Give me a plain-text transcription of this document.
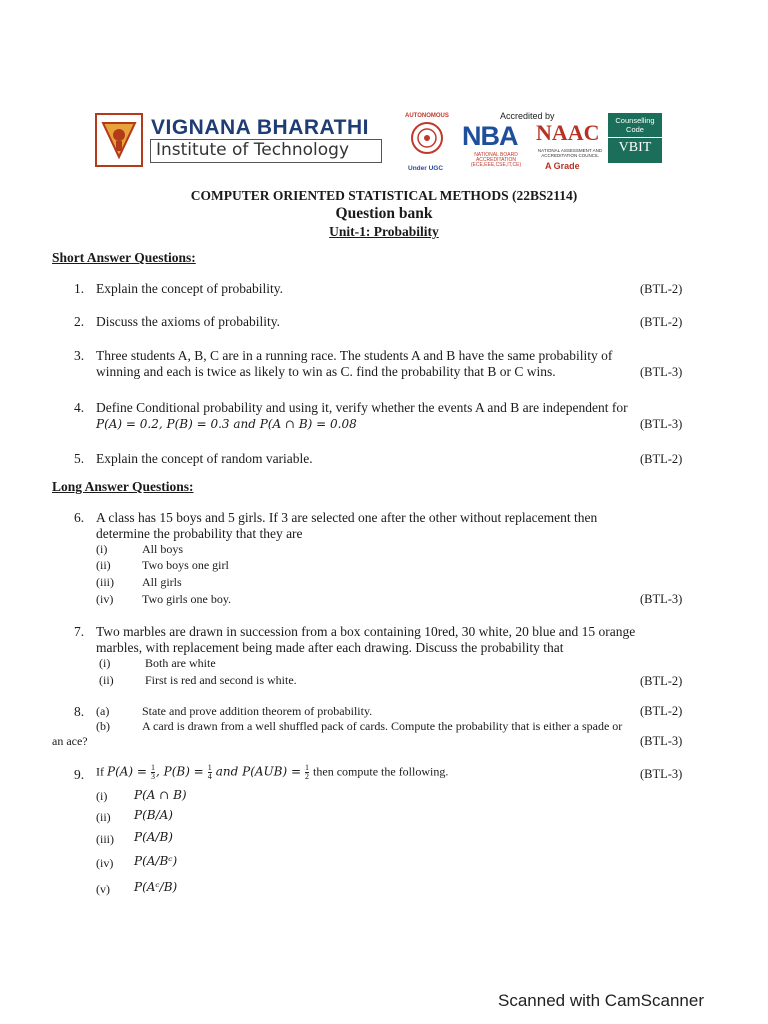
VIGNANA BHARATHI
Institute of Technology
AUTONOMOUS
Under UGC
Accredited by
NBA
NATIONAL BOARD ACCREDITATION (ECE,EEE,CSE,IT,CE)
NAAC
NATIONAL ASSESSMENT AND ACCREDITATION COUNCIL
A Grade
Counselling Code
VBIT
COMPUTER ORIENTED STATISTICAL METHODS (22BS2114)
Question bank
Unit-1: Probability
Short Answer Questions:
1. Explain the concept of probability.	(BTL-2)
2. Discuss the axioms of probability.	(BTL-2)
3. Three students A, B, C are in a running race. The students A and B have the same probability of
winning and each is twice as likely to win as C. find the probability that B or C wins.	(BTL-3)
4. Define Conditional probability and using it, verify whether the events A and B are independent for
P(A) = 0.2, P(B) = 0.3 and P(A ∩ B) = 0.08	(BTL-3)
5. Explain the concept of random variable.	(BTL-2)
Long Answer Questions:
6. A class has 15 boys and 5 girls. If 3 are selected one after the other without replacement then
determine the probability that they are
(i)	All boys
(ii)	Two boys one girl
(iii) All girls
(iv) Two girls one boy.	(BTL-3)
7. Two marbles are drawn in succession from a box containing 10red, 30 white, 20 blue and 15 orange
marbles, with replacement being made after each drawing. Discuss the probability that
(i)	Both are white
(ii)	First is red and second is white.	(BTL-2)
8. (a)	State and prove addition theorem of probability.	(BTL-2)
(b)	A card is drawn from a well shuffled pack of cards. Compute the probability that is either a spade or
an ace?	(BTL-3)
9. If $P(A) = \frac{1}{3}$ , $P(B) = \frac{1}{4}$ and $P(AUB) = \frac{1}{2}$ then compute the following.	(BTL-3)
(i) P(A ∩ B)
(ii) P(B/A)
(iii) P(A/B)
(iv) P(A/Bᶜ)
(v) P(Aᶜ/B)
Scanned with CamScanner
